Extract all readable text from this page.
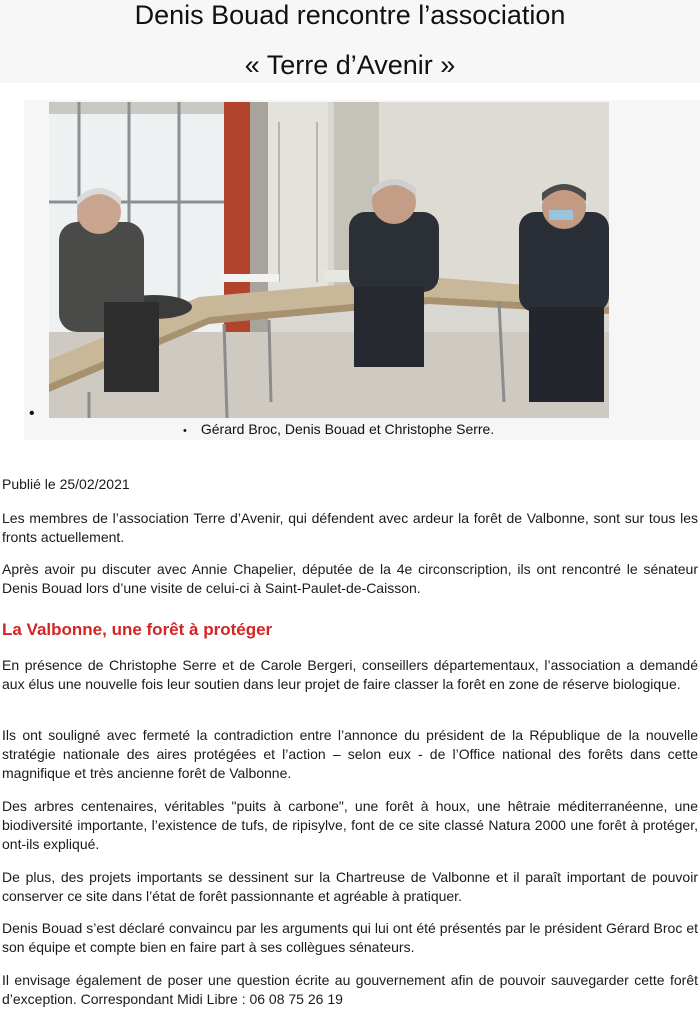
Denis Bouad rencontre l’association
« Terre d’Avenir »
•
• Gérard Broc, Denis Bouad et Christophe Serre.
Publié le 25/02/2021
Les membres de l’association Terre d’Avenir, qui défendent avec ardeur la forêt de Valbonne, sont sur tous les fronts actuellement.
Après avoir pu discuter avec Annie Chapelier, députée de la 4e circonscription, ils ont rencontré le sénateur Denis Bouad lors d’une visite de celui-ci à Saint-Paulet-de-Caisson.
La Valbonne, une forêt à protéger
En présence de Christophe Serre et de Carole Bergeri, conseillers départementaux, l’association a demandé aux élus une nouvelle fois leur soutien dans leur projet de faire classer la forêt en zone de réserve biologique.
Ils ont souligné avec fermeté la contradiction entre l’annonce du président de la République de la nouvelle stratégie nationale des aires protégées et l’action – selon eux - de l’Office national des forêts dans cette magnifique et très ancienne forêt de Valbonne.
Des arbres centenaires, véritables "puits à carbone", une forêt à houx, une hêtraie méditerranéenne, une biodiversité importante, l’existence de tufs, de ripisylve, font de ce site classé Natura 2000 une forêt à protéger, ont-ils expliqué.
De plus, des projets importants se dessinent sur la Chartreuse de Valbonne et il paraît important de pouvoir conserver ce site dans l’état de forêt passionnante et agréable à pratiquer.
Denis Bouad s’est déclaré convaincu par les arguments qui lui ont été présentés par le président Gérard Broc et son équipe et compte bien en faire part à ses collègues sénateurs.
Il envisage également de poser une question écrite au gouvernement afin de pouvoir sauvegarder cette forêt d’exception. Correspondant Midi Libre : 06 08 75 26 19
